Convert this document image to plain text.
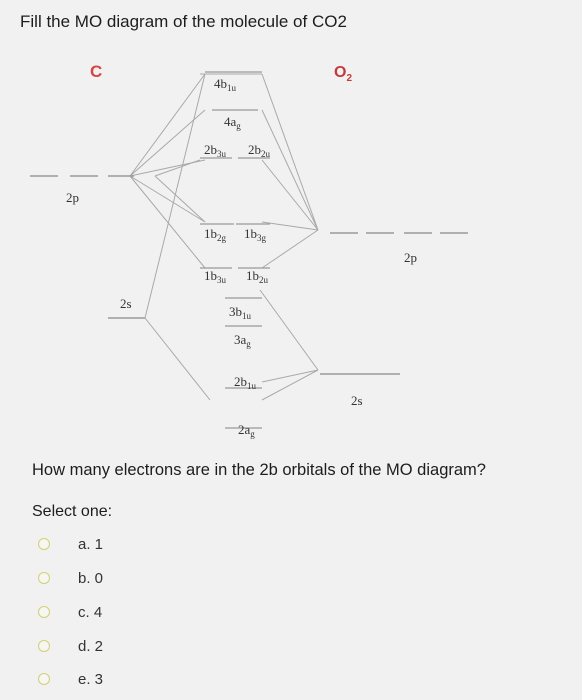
Fill the MO diagram of the molecule of CO2
C	$O_2$
2p
2s
2p
2s
$4b_{1u}$
$4a_g$
$2b_{3u}$ $2b_{2u}$
$1b_{2g}$ $1b_{3g}$
$1b_{3u}$ $1b_{2u}$
$3b_{1u}$
$3a_g$
$2b_{1u}$
$2a_g$
How many electrons are in the 2b orbitals of the MO diagram?
Select one:
a. 1
b. 0
c. 4
d. 2
e. 3
